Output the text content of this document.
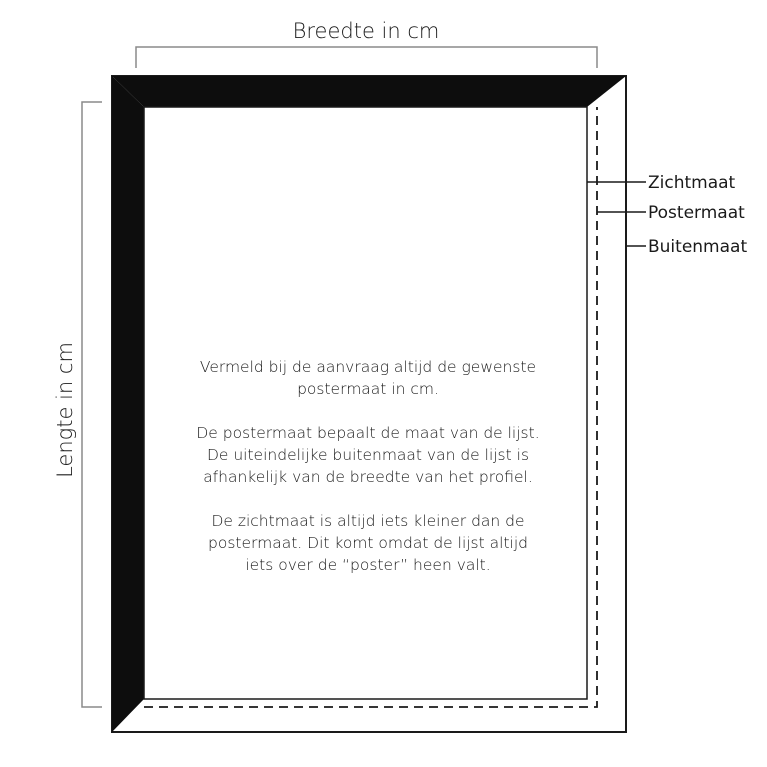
Breedte in cm
Lengte in cm
Zichtmaat
Postermaat
Buitenmaat

Vermeld bij de aanvraag altijd de gewenste postermaat in cm.

De postermaat bepaalt de maat van de lijst. De uiteindelijke buitenmaat van de lijst is afhankelijk van de breedte van het profiel.

De zichtmaat is altijd iets kleiner dan de postermaat. Dit komt omdat de lijst altijd iets over de “poster” heen valt.
